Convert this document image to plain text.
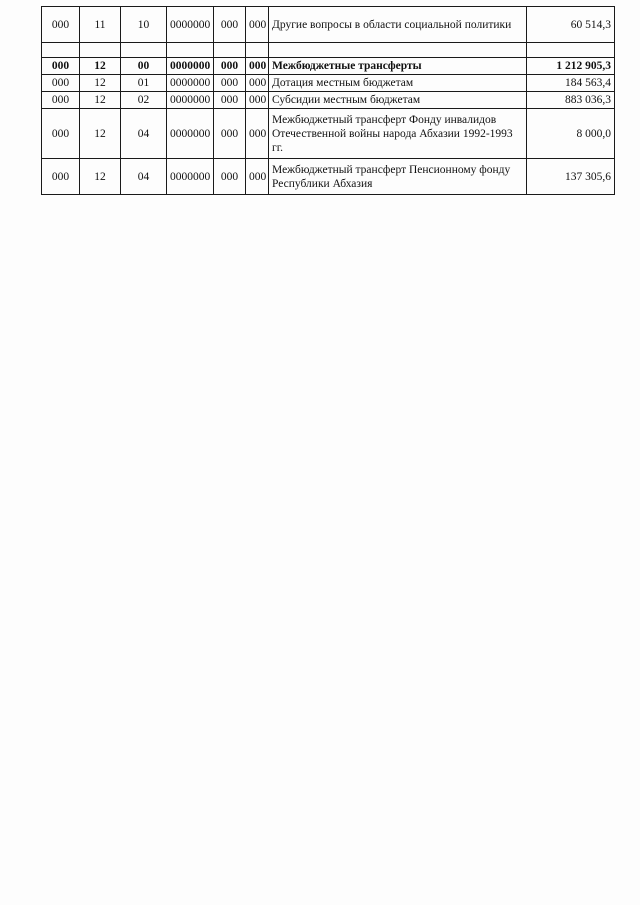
000	11	10	0000000	000	000	Другие вопросы в области социальной политики	60 514,3

000	12	00	0000000	000	000	Межбюджетные трансферты	1 212 905,3
000	12	01	0000000	000	000	Дотация местным бюджетам	184 563,4
000	12	02	0000000	000	000	Субсидии местным бюджетам	883 036,3
000	12	04	0000000	000	000	Межбюджетный трансферт Фонду инвалидов Отечественной войны народа Абхазии 1992-1993 гг.	8 000,0
000	12	04	0000000	000	000	Межбюджетный трансферт Пенсионному фонду Республики Абхазия	137 305,6
